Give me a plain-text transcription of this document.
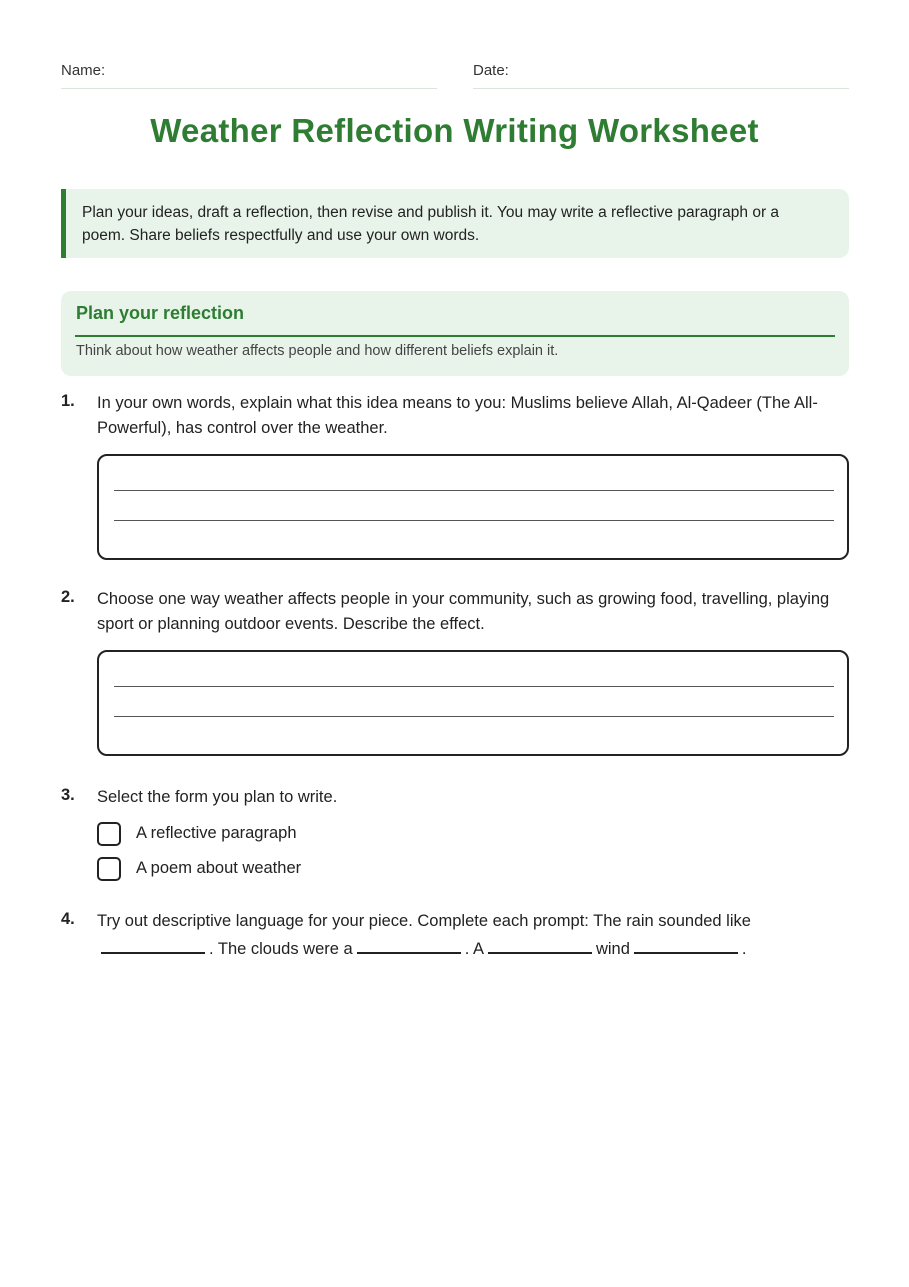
Name:	Date:
Weather Reflection Writing Worksheet
Plan your ideas, draft a reflection, then revise and publish it. You may write a reflective paragraph or a poem. Share beliefs respectfully and use your own words.
Plan your reflection
Think about how weather affects people and how different beliefs explain it.
1. In your own words, explain what this idea means to you: Muslims believe Allah, Al-Qadeer (The All-Powerful), has control over the weather.
2. Choose one way weather affects people in your community, such as growing food, travelling, playing sport or planning outdoor events. Describe the effect.
3. Select the form you plan to write.
A reflective paragraph
A poem about weather
4. Try out descriptive language for your piece. Complete each prompt: The rain sounded like
. The clouds were a	. A	wind	.
